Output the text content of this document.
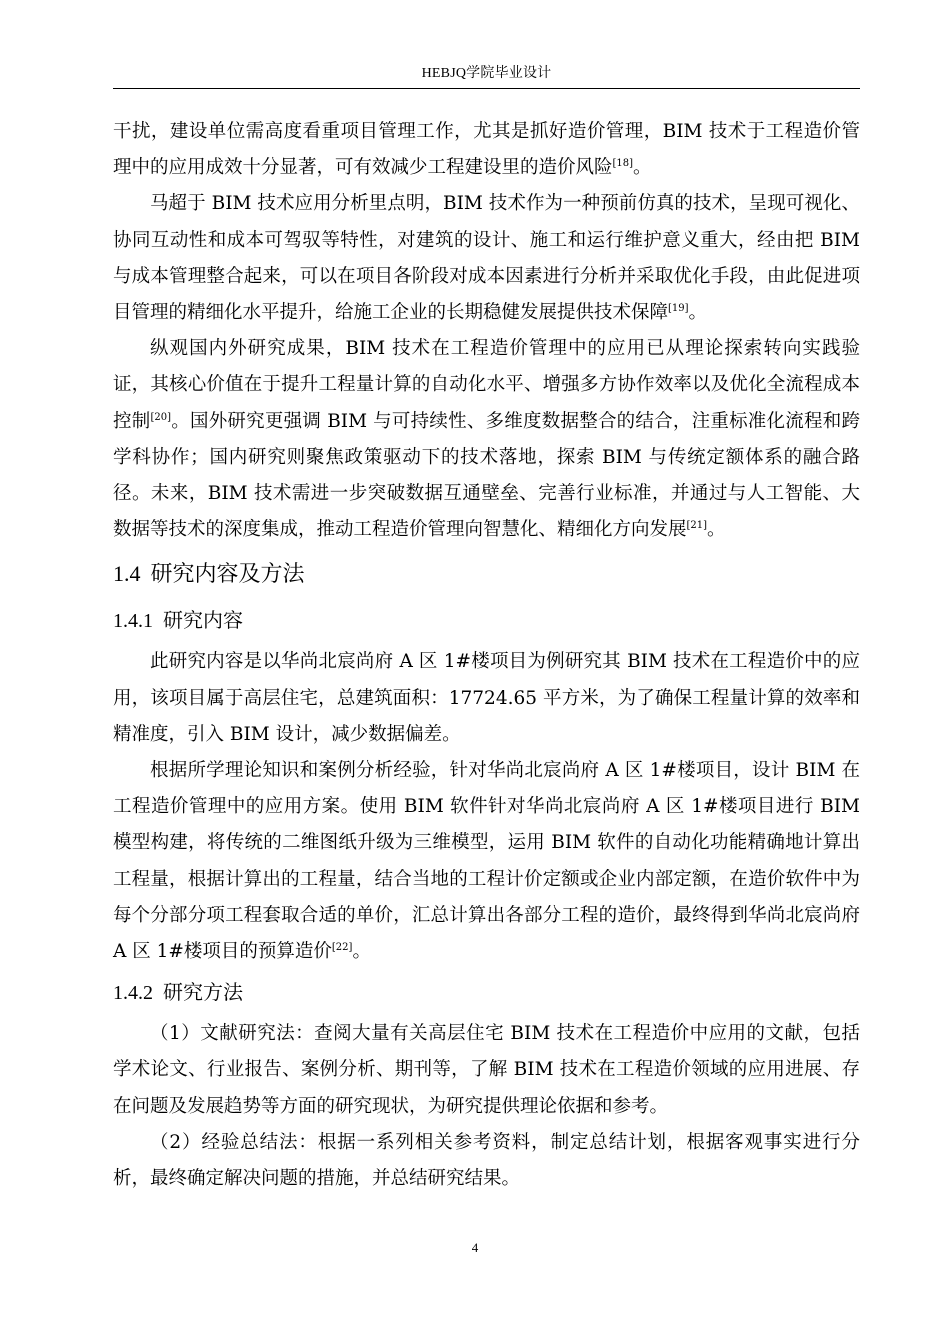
HEBJQ学院毕业设计

干扰，建设单位需高度看重项目管理工作，尤其是抓好造价管理，BIM 技术于工程造价管理中的应用成效十分显著，可有效减少工程建设里的造价风险[18]。

马超于 BIM 技术应用分析里点明，BIM 技术作为一种预前仿真的技术，呈现可视化、协同互动性和成本可驾驭等特性，对建筑的设计、施工和运行维护意义重大，经由把 BIM 与成本管理整合起来，可以在项目各阶段对成本因素进行分析并采取优化手段，由此促进项目管理的精细化水平提升，给施工企业的长期稳健发展提供技术保障[19]。

纵观国内外研究成果，BIM 技术在工程造价管理中的应用已从理论探索转向实践验证，其核心价值在于提升工程量计算的自动化水平、增强多方协作效率以及优化全流程成本控制[20]。国外研究更强调 BIM 与可持续性、多维度数据整合的结合，注重标准化流程和跨学科协作；国内研究则聚焦政策驱动下的技术落地，探索 BIM 与传统定额体系的融合路径。未来，BIM 技术需进一步突破数据互通壁垒、完善行业标准，并通过与人工智能、大数据等技术的深度集成，推动工程造价管理向智慧化、精细化方向发展[21]。

1.4 研究内容及方法
1.4.1 研究内容

此研究内容是以华尚北宸尚府 A 区 1#楼项目为例研究其 BIM 技术在工程造价中的应用，该项目属于高层住宅，总建筑面积：17724.65 平方米，为了确保工程量计算的效率和精准度，引入 BIM 设计，减少数据偏差。

根据所学理论知识和案例分析经验，针对华尚北宸尚府 A 区 1#楼项目，设计 BIM 在工程造价管理中的应用方案。使用 BIM 软件针对华尚北宸尚府 A 区 1#楼项目进行 BIM 模型构建，将传统的二维图纸升级为三维模型，运用 BIM 软件的自动化功能精确地计算出工程量，根据计算出的工程量，结合当地的工程计价定额或企业内部定额，在造价软件中为每个分部分项工程套取合适的单价，汇总计算出各部分工程的造价，最终得到华尚北宸尚府 A 区 1#楼项目的预算造价[22]。

1.4.2 研究方法

（1）文献研究法：查阅大量有关高层住宅 BIM 技术在工程造价中应用的文献，包括学术论文、行业报告、案例分析、期刊等，了解 BIM 技术在工程造价领域的应用进展、存在问题及发展趋势等方面的研究现状，为研究提供理论依据和参考。

（2）经验总结法：根据一系列相关参考资料，制定总结计划，根据客观事实进行分析，最终确定解决问题的措施，并总结研究结果。

4
